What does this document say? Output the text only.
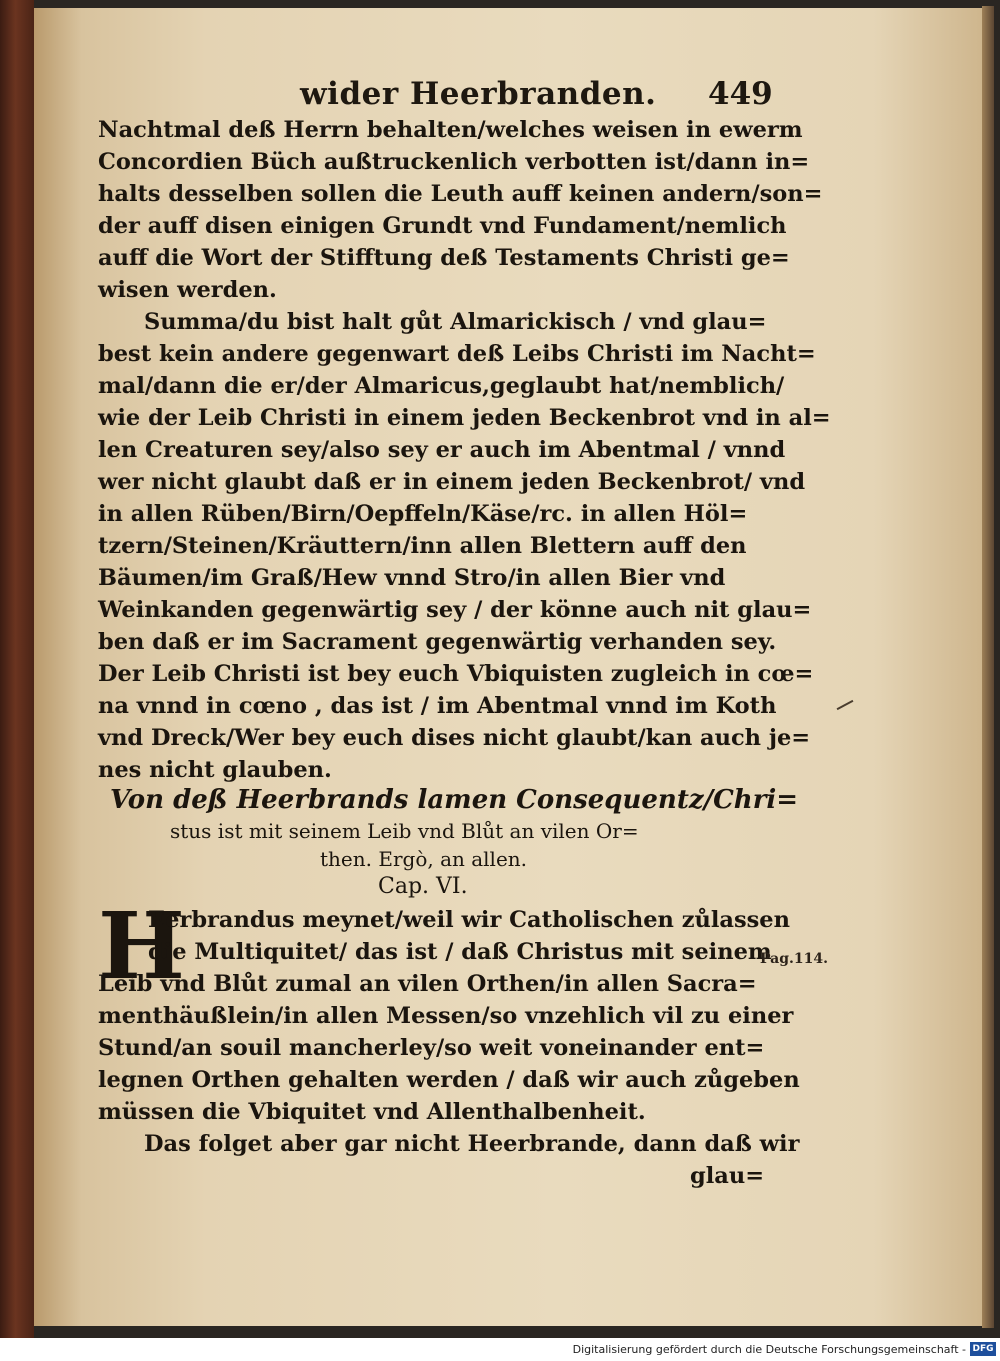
wider Heerbranden. 449
Nachtmal deß Herrn behalten/welches weisen in ewerm
Concordien Büch außtruckenlich verbotten ist/dann in=
halts desselben sollen die Leuth auff keinen andern/son=
der auff disen einigen Grundt vnd Fundament/nemlich
auff die Wort der Stifftung deß Testaments Christi ge=
wisen werden.
Summa/du bist halt gůt Almarickisch / vnd glau=
best kein andere gegenwart deß Leibs Christi im Nacht=
mal/dann die er/der Almaricus,geglaubt hat/nemblich/
wie der Leib Christi in einem jeden Beckenbrot vnd in al=
len Creaturen sey/also sey er auch im Abentmal / vnnd
wer nicht glaubt daß er in einem jeden Beckenbrot/ vnd
in allen Rüben/Birn/Oepffeln/Käse/rc. in allen Höl=
tzern/Steinen/Kräuttern/inn allen Blettern auff den
Bäumen/im Graß/Hew vnnd Stro/in allen Bier vnd
Weinkanden gegenwärtig sey / der könne auch nit glau=
ben daß er im Sacrament gegenwärtig verhanden sey.
Der Leib Christi ist bey euch Vbiquisten zugleich in cœ=
na vnnd in cœno , das ist / im Abentmal vnnd im Koth
vnd Dreck/Wer bey euch dises nicht glaubt/kan auch je=
nes nicht glauben.
Von deß Heerbrands lamen Consequentz/Chri=
stus ist mit seinem Leib vnd Blůt an vilen Or=
then. Ergò, an allen.
Cap. VI.
H
Eerbrandus meynet/weil wir Catholischen zůlassen
die Multiquitet/ das ist / daß Christus mit seinem
Leib vnd Blůt zumal an vilen Orthen/in allen Sacra=
menthäußlein/in allen Messen/so vnzehlich vil zu einer
Stund/an souil mancherley/so weit voneinander ent=
legnen Orthen gehalten werden / daß wir auch zůgeben
müssen die Vbiquitet vnd Allenthalbenheit.
Das folget aber gar nicht Heerbrande, dann daß wir
glau=
Pag.114.
Digitalisierung gefördert durch die Deutsche Forschungsgemeinschaft - DFG
